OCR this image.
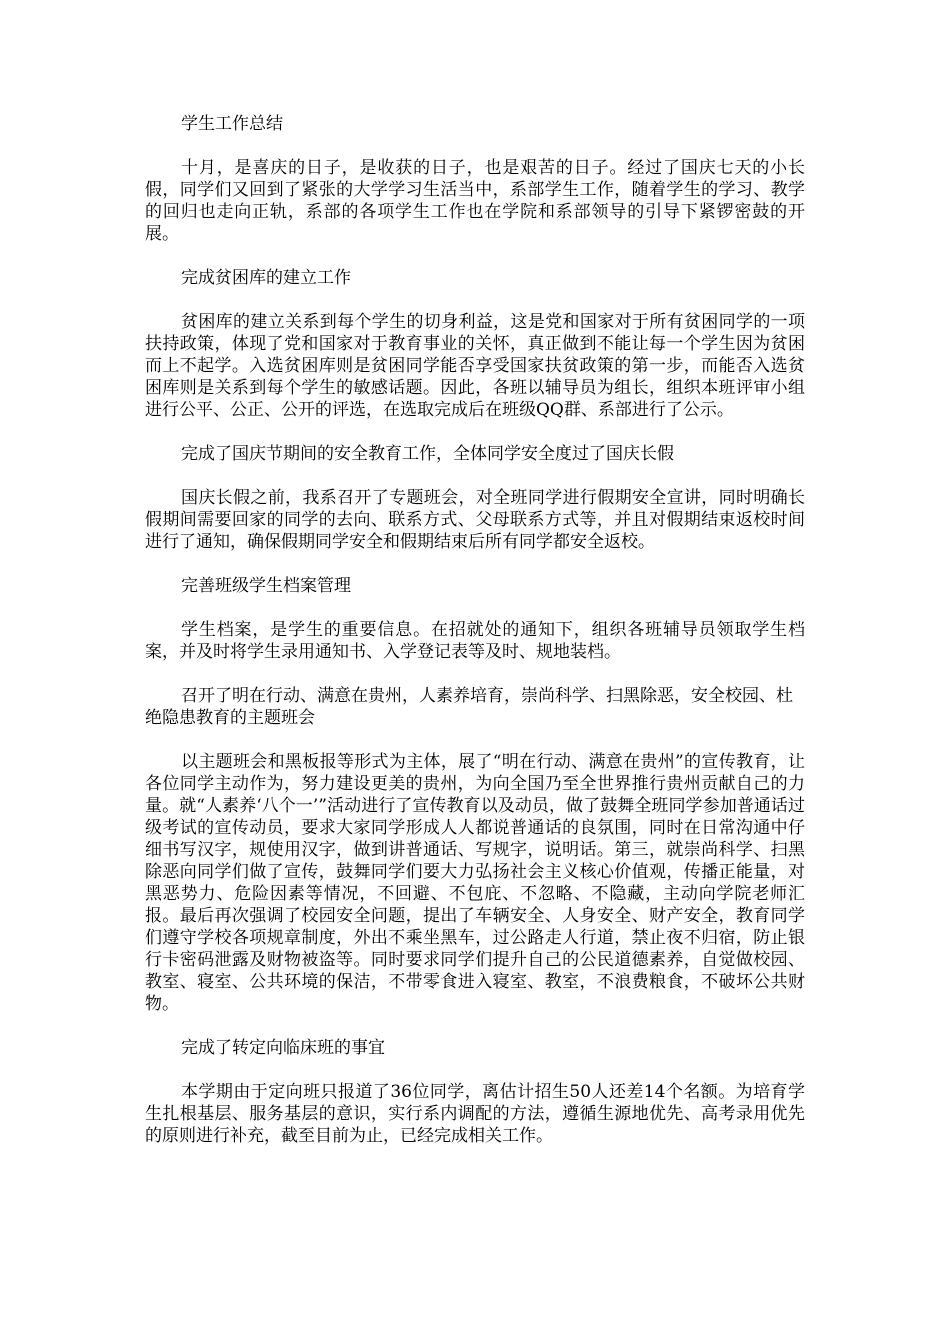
学生工作总结

十月，是喜庆的日子，是收获的日子，也是艰苦的日子。经过了国庆七天的小长假，同学们又回到了紧张的大学学习生活当中，系部学生工作，随着学生的学习、教学的回归也走向正轨，系部的各项学生工作也在学院和系部领导的引导下紧锣密鼓的开展。

完成贫困库的建立工作

贫困库的建立关系到每个学生的切身利益，这是党和国家对于所有贫困同学的一项扶持政策，体现了党和国家对于教育事业的关怀，真正做到不能让每一个学生因为贫困而上不起学。入选贫困库则是贫困同学能否享受国家扶贫政策的第一步，而能否入选贫困库则是关系到每个学生的敏感话题。因此，各班以辅导员为组长，组织本班评审小组进行公平、公正、公开的评选，在选取完成后在班级QQ群、系部进行了公示。

完成了国庆节期间的安全教育工作，全体同学安全度过了国庆长假

国庆长假之前，我系召开了专题班会，对全班同学进行假期安全宣讲，同时明确长假期间需要回家的同学的去向、联系方式、父母联系方式等，并且对假期结束返校时间进行了通知，确保假期同学安全和假期结束后所有同学都安全返校。

完善班级学生档案管理

学生档案，是学生的重要信息。在招就处的通知下，组织各班辅导员领取学生档案，并及时将学生录用通知书、入学登记表等及时、规地装档。

召开了明在行动、满意在贵州，人素养培育，崇尚科学、扫黑除恶，安全校园、杜绝隐患教育的主题班会

以主题班会和黑板报等形式为主体，展了“明在行动、满意在贵州”的宣传教育，让各位同学主动作为，努力建设更美的贵州，为向全国乃至全世界推行贵州贡献自己的力量。就“人素养‘八个一’”活动进行了宣传教育以及动员，做了鼓舞全班同学参加普通话过级考试的宣传动员，要求大家同学形成人人都说普通话的良氛围，同时在日常沟通中仔细书写汉字，规使用汉字，做到讲普通话、写规字，说明话。第三，就崇尚科学、扫黑除恶向同学们做了宣传，鼓舞同学们要大力弘扬社会主义核心价值观，传播正能量，对黑恶势力、危险因素等情况，不回避、不包庇、不忽略、不隐藏，主动向学院老师汇报。最后再次强调了校园安全问题，提出了车辆安全、人身安全、财产安全，教育同学们遵守学校各项规章制度，外出不乘坐黑车，过公路走人行道，禁止夜不归宿，防止银行卡密码泄露及财物被盗等。同时要求同学们提升自己的公民道德素养，自觉做校园、教室、寝室、公共环境的保洁，不带零食进入寝室、教室，不浪费粮食，不破坏公共财物。

完成了转定向临床班的事宜

本学期由于定向班只报道了36位同学，离估计招生50人还差14个名额。为培育学生扎根基层、服务基层的意识，实行系内调配的方法，遵循生源地优先、高考录用优先的原则进行补充，截至目前为止，已经完成相关工作。
